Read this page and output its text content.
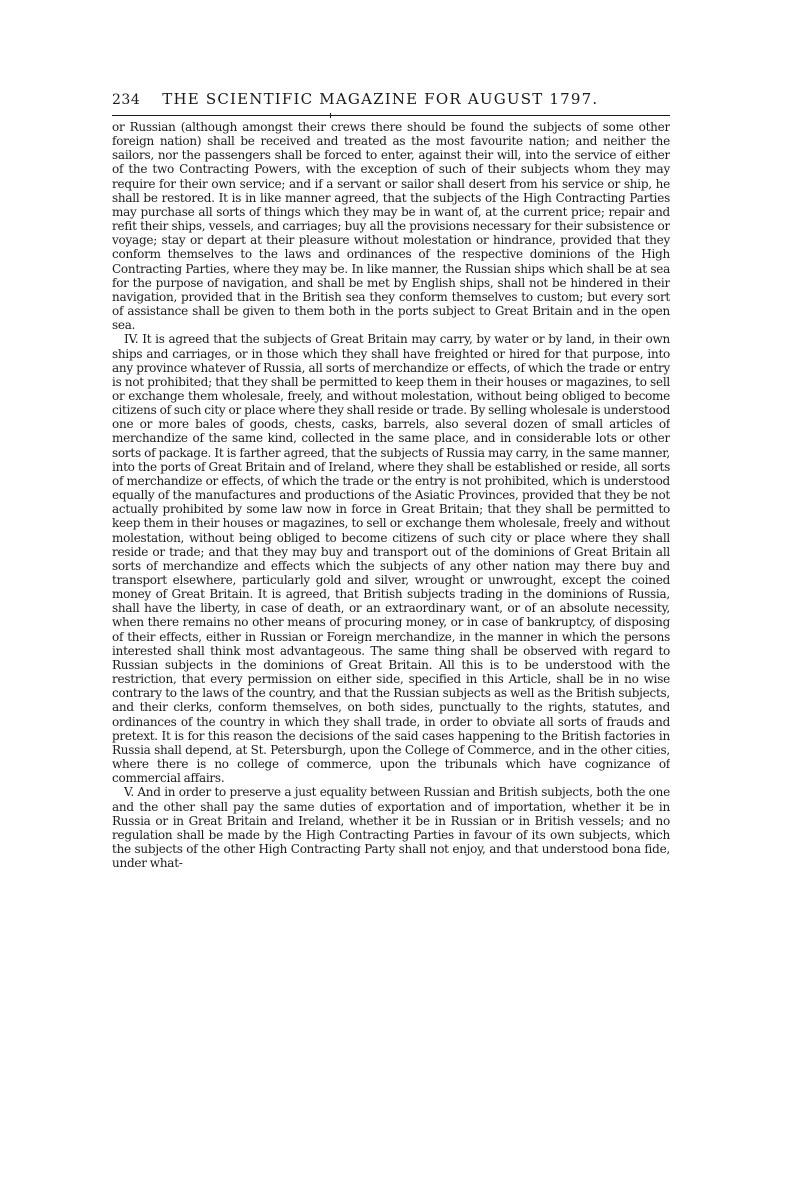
234 THE SCIENTIFIC MAGAZINE FOR AUGUST 1797.

or Russian (although amongst their crews there should be found the subjects of some other foreign nation) shall be received and treated as the most favourite nation; and neither the sailors, nor the passengers shall be forced to enter, against their will, into the service of either of the two Contracting Powers, with the exception of such of their subjects whom they may require for their own service; and if a servant or sailor shall desert from his service or ship, he shall be restored. It is in like manner agreed, that the subjects of the High Contracting Parties may purchase all sorts of things which they may be in want of, at the current price; repair and refit their ships, vessels, and carriages; buy all the provisions necessary for their subsistence or voyage; stay or depart at their pleasure without molestation or hindrance, provided that they conform themselves to the laws and ordinances of the respective dominions of the High Contracting Parties, where they may be. In like manner, the Russian ships which shall be at sea for the purpose of navigation, and shall be met by English ships, shall not be hindered in their navigation, provided that in the British sea they conform themselves to custom; but every sort of assistance shall be given to them both in the ports subject to Great Britain and in the open sea.

IV. It is agreed that the subjects of Great Britain may carry, by water or by land, in their own ships and carriages, or in those which they shall have freighted or hired for that purpose, into any province whatever of Russia, all sorts of merchandize or effects, of which the trade or entry is not prohibited; that they shall be permitted to keep them in their houses or magazines, to sell or exchange them wholesale, freely, and without molestation, without being obliged to become citizens of such city or place where they shall reside or trade. By selling wholesale is understood one or more bales of goods, chests, casks, barrels, also several dozen of small articles of merchandize of the same kind, collected in the same place, and in considerable lots or other sorts of package. It is farther agreed, that the subjects of Russia may carry, in the same manner, into the ports of Great Britain and of Ireland, where they shall be established or reside, all sorts of merchandize or effects, of which the trade or the entry is not prohibited, which is understood equally of the manufactures and productions of the Asiatic Provinces, provided that they be not actually prohibited by some law now in force in Great Britain; that they shall be permitted to keep them in their houses or magazines, to sell or exchange them wholesale, freely and without molestation, without being obliged to become citizens of such city or place where they shall reside or trade; and that they may buy and transport out of the dominions of Great Britain all sorts of merchandize and effects which the subjects of any other nation may there buy and transport elsewhere, particularly gold and silver, wrought or unwrought, except the coined money of Great Britain. It is agreed, that British subjects trading in the dominions of Russia, shall have the liberty, in case of death, or an extraordinary want, or of an absolute necessity, when there remains no other means of procuring money, or in case of bankruptcy, of disposing of their effects, either in Russian or Foreign merchandize, in the manner in which the persons interested shall think most advantageous. The same thing shall be observed with regard to Russian subjects in the dominions of Great Britain. All this is to be understood with the restriction, that every permission on either side, specified in this Article, shall be in no wise contrary to the laws of the country, and that the Russian subjects as well as the British subjects, and their clerks, conform themselves, on both sides, punctually to the rights, statutes, and ordinances of the country in which they shall trade, in order to obviate all sorts of frauds and pretext. It is for this reason the decisions of the said cases happening to the British factories in Russia shall depend, at St. Petersburgh, upon the College of Commerce, and in the other cities, where there is no college of commerce, upon the tribunals which have cognizance of commercial affairs.

V. And in order to preserve a just equality between Russian and British subjects, both the one and the other shall pay the same duties of exportation and of importation, whether it be in Russia or in Great Britain and Ireland, whether it be in Russian or in British vessels; and no regulation shall be made by the High Contracting Parties in favour of its own subjects, which the subjects of the other High Contracting Party shall not enjoy, and that understood bona fide, under what-
